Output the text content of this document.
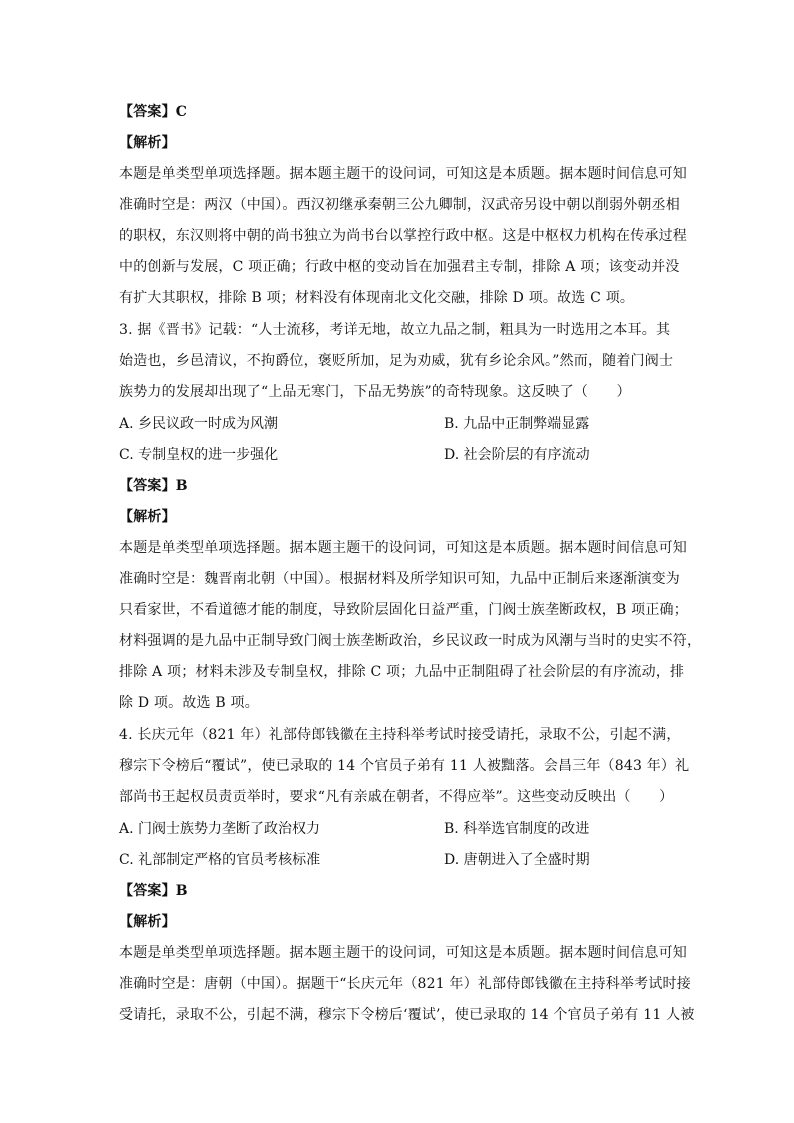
【答案】C
【解析】
本题是单类型单项选择题。据本题主题干的设问词，可知这是本质题。据本题时间信息可知
准确时空是：两汉（中国）。西汉初继承秦朝三公九卿制，汉武帝另设中朝以削弱外朝丞相
的职权，东汉则将中朝的尚书独立为尚书台以掌控行政中枢。这是中枢权力机构在传承过程
中的创新与发展，C 项正确；行政中枢的变动旨在加强君主专制，排除 A 项；该变动并没
有扩大其职权，排除 B 项；材料没有体现南北文化交融，排除 D 项。故选 C 项。
3. 据《晋书》记载：“人士流移，考详无地，故立九品之制，粗具为一时选用之本耳。其
始造也，乡邑清议，不拘爵位，褒贬所加，足为劝威，犹有乡论余风。”然而，随着门阀士
族势力的发展却出现了“上品无寒门，下品无势族”的奇特现象。这反映了（　　）
A. 乡民议政一时成为风潮	B. 九品中正制弊端显露
C. 专制皇权的进一步强化	D. 社会阶层的有序流动
【答案】B
【解析】
本题是单类型单项选择题。据本题主题干的设问词，可知这是本质题。据本题时间信息可知
准确时空是：魏晋南北朝（中国）。根据材料及所学知识可知，九品中正制后来逐渐演变为
只看家世，不看道德才能的制度，导致阶层固化日益严重，门阀士族垄断政权，B 项正确；
材料强调的是九品中正制导致门阀士族垄断政治，乡民议政一时成为风潮与当时的史实不符，
排除 A 项；材料未涉及专制皇权，排除 C 项；九品中正制阻碍了社会阶层的有序流动，排
除 D 项。故选 B 项。
4. 长庆元年（821 年）礼部侍郎钱徽在主持科举考试时接受请托，录取不公，引起不满，
穆宗下令榜后“覆试”，使已录取的 14 个官员子弟有 11 人被黜落。会昌三年（843 年）礼
部尚书王起权员责贡举时，要求“凡有亲戚在朝者，不得应举”。这些变动反映出（　　）
A. 门阀士族势力垄断了政治权力	B. 科举选官制度的改进
C. 礼部制定严格的官员考核标准	D. 唐朝进入了全盛时期
【答案】B
【解析】
本题是单类型单项选择题。据本题主题干的设问词，可知这是本质题。据本题时间信息可知
准确时空是：唐朝（中国）。据题干“长庆元年（821 年）礼部侍郎钱徽在主持科举考试时接
受请托，录取不公，引起不满，穆宗下令榜后‘覆试’，使已录取的 14 个官员子弟有 11 人被
